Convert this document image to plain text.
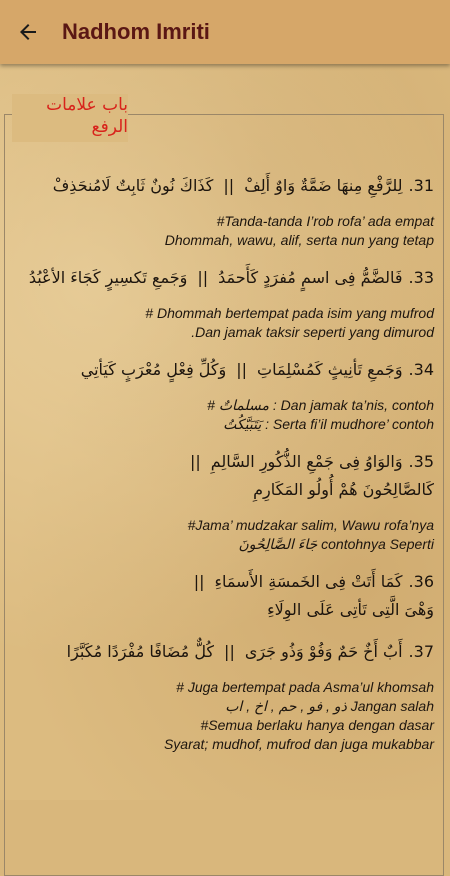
Nadhom Imriti
باب علامات
الرفع
31.
لِلرَّفْعِ مِنهَا ضَمَّةٌ وَاوٌ أَلِفْ
||
كَذَاكَ نُونٌ ثَابِتٌ لَامُنحَذِفْ
#Tanda-tanda I’rob rofa’ ada empat
Dhommah, wawu, alif, serta nun yang tetap
33.
فَالضَّمُّ فِى اسمٍ مُفرَدٍ كَأَحمَدُ
||
وَجَمعِ تَكسِيرٍ كَجَاءَ الأعْبُدُ
# Dhommah bertempat pada isim yang mufrod
.Dan jamak taksir seperti yang dimurod
34.
وَجَمعِ تَأنِيثٍ كَمُسْلِمَاتِ
||
وَكُلِّ فِعْلٍ مُعْرَبٍ كَيَأتِي
# مسلماتٌ : Dan jamak ta’nis, contoh
يَتَبَيَّكُتُ : Serta fi’il mudhore’ contoh
35.
وَالوَاوُ فِى جَمْعِ الذُّكُورِ السَّالِمِ
||
كَالصَّالِحُونَ هُمْ أُولُو المَكَارِمِ
#Jama’ mudzakar salim, Wawu rofa’nya
جَاءَ الصَّالِحُونَ contohnya Seperti
36.
كَمَا أَتَتْ فِى الخَمسَةِ الأَسمَاءِ
||
وَهْىَ الَّتِى تَأتِى عَلَى الوِلَاءِ
37.
أَبٌ أَخٌ حَمٌ وَفُوْ وَذُو جَرَى
||
كُلٌّ مُضَافًا مُفْرَدًا مُكَبَّرًا
# Juga bertempat pada Asma’ul khomsah
ذو , فو , حم , اخ , اب Jangan salah
#Semua berlaku hanya dengan dasar
Syarat; mudhof, mufrod dan juga mukabbar
